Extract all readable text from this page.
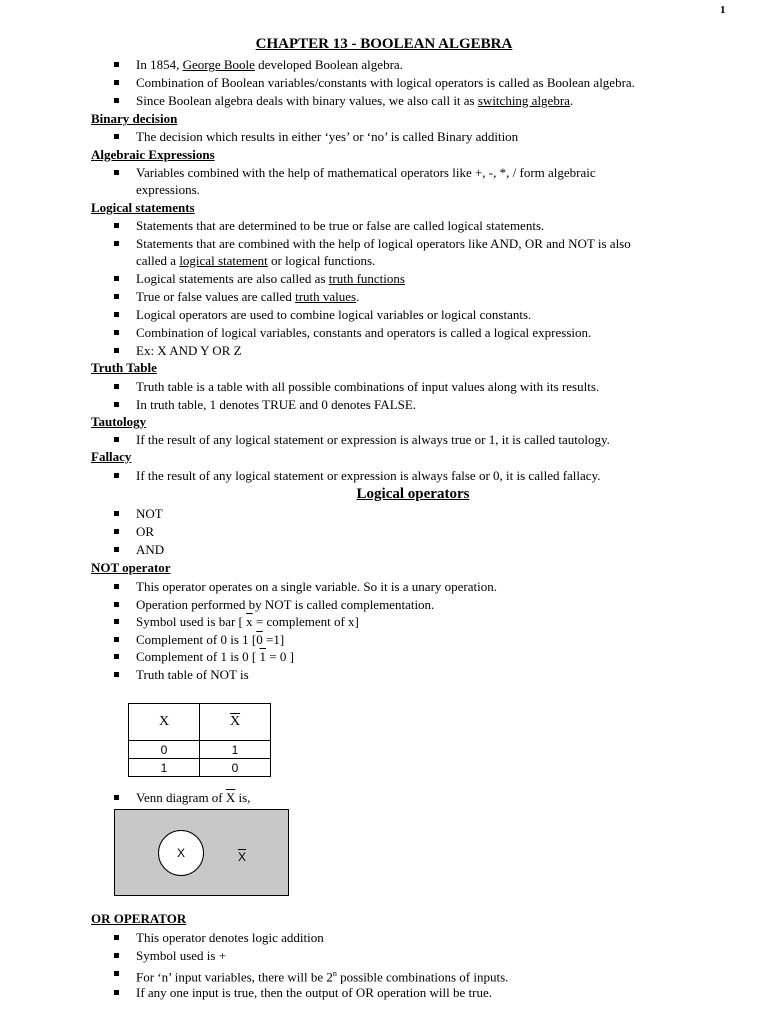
1
CHAPTER 13 - BOOLEAN ALGEBRA
In 1854, George Boole developed Boolean algebra.
Combination of Boolean variables/constants with logical operators is called as Boolean algebra.
Since Boolean algebra deals with binary values, we also call it as switching algebra.
Binary decision
The decision which results in either ‘yes’ or ‘no’ is called Binary addition
Algebraic Expressions
Variables combined with the help of mathematical operators like +, -, *, / form algebraic
expressions.
Logical statements
Statements that are determined to be true or false are called logical statements.
Statements that are combined with the help of logical operators like AND, OR and NOT is also
called a logical statement or logical functions.
Logical statements are also called as truth functions
True or false values are called truth values.
Logical operators are used to combine logical variables or logical constants.
Combination of logical variables, constants and operators is called a logical expression.
Ex: X AND Y OR Z
Truth Table
Truth table is a table with all possible combinations of input values along with its results.
In truth table, 1 denotes TRUE and 0 denotes FALSE.
Tautology
If the result of any logical statement or expression is always true or 1, it is called tautology.
Fallacy
If the result of any logical statement or expression is always false or 0, it is called fallacy.
Logical operators
NOT
OR
AND
NOT operator
This operator operates on a single variable. So it is a unary operation.
Operation performed by NOT is called complementation.
Symbol used is bar [ $\overline{x}$ = complement of x]
Complement of 0 is 1 [0 =1]
Complement of 1 is 0 [ 1 = 0 ]
Truth table of NOT is
X	$\overline{X}$
0	1
1	0
Venn diagram of $\overline{X}$ is,
X	$\overline{X}$
OR OPERATOR
This operator denotes logic addition
Symbol used is +
For ‘n’ input variables, there will be 2$^n$ possible combinations of inputs.
If any one input is true, then the output of OR operation will be true.
